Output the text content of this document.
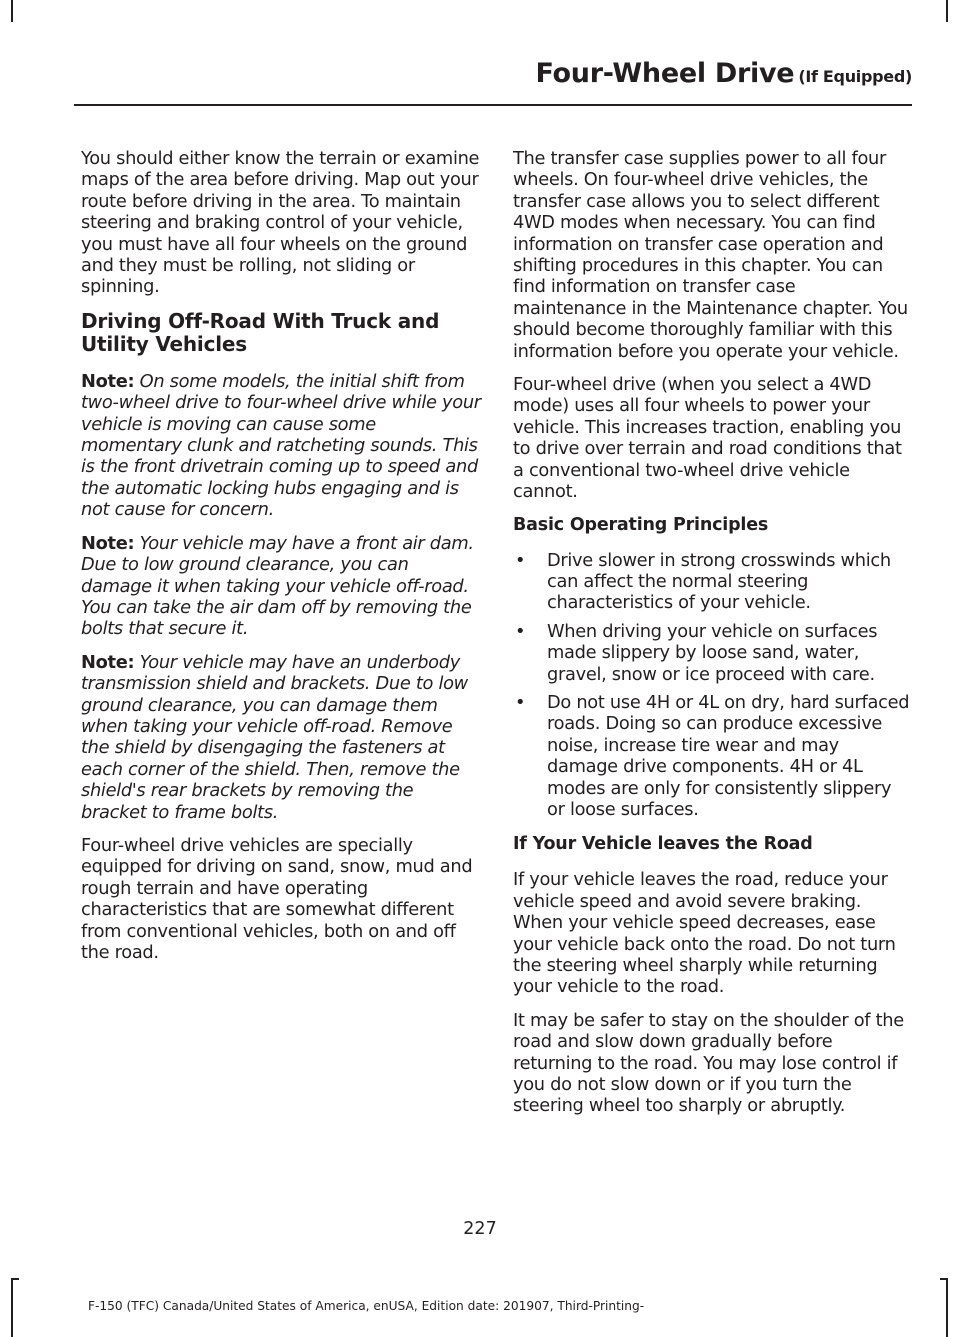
Four-Wheel Drive (If Equipped)

You should either know the terrain or examine maps of the area before driving. Map out your route before driving in the area. To maintain steering and braking control of your vehicle, you must have all four wheels on the ground and they must be rolling, not sliding or spinning.

Driving Off-Road With Truck and Utility Vehicles

Note: On some models, the initial shift from two-wheel drive to four-wheel drive while your vehicle is moving can cause some momentary clunk and ratcheting sounds. This is the front drivetrain coming up to speed and the automatic locking hubs engaging and is not cause for concern.

Note: Your vehicle may have a front air dam. Due to low ground clearance, you can damage it when taking your vehicle off-road. You can take the air dam off by removing the bolts that secure it.

Note: Your vehicle may have an underbody transmission shield and brackets. Due to low ground clearance, you can damage them when taking your vehicle off-road. Remove the shield by disengaging the fasteners at each corner of the shield. Then, remove the shield's rear brackets by removing the bracket to frame bolts.

Four-wheel drive vehicles are specially equipped for driving on sand, snow, mud and rough terrain and have operating characteristics that are somewhat different from conventional vehicles, both on and off the road.

The transfer case supplies power to all four wheels. On four-wheel drive vehicles, the transfer case allows you to select different 4WD modes when necessary. You can find information on transfer case operation and shifting procedures in this chapter. You can find information on transfer case maintenance in the Maintenance chapter. You should become thoroughly familiar with this information before you operate your vehicle.

Four-wheel drive (when you select a 4WD mode) uses all four wheels to power your vehicle. This increases traction, enabling you to drive over terrain and road conditions that a conventional two-wheel drive vehicle cannot.

Basic Operating Principles
• Drive slower in strong crosswinds which can affect the normal steering characteristics of your vehicle.
• When driving your vehicle on surfaces made slippery by loose sand, water, gravel, snow or ice proceed with care.
• Do not use 4H or 4L on dry, hard surfaced roads. Doing so can produce excessive noise, increase tire wear and may damage drive components. 4H or 4L modes are only for consistently slippery or loose surfaces.
If Your Vehicle leaves the Road

If your vehicle leaves the road, reduce your vehicle speed and avoid severe braking. When your vehicle speed decreases, ease your vehicle back onto the road. Do not turn the steering wheel sharply while returning your vehicle to the road.

It may be safer to stay on the shoulder of the road and slow down gradually before returning to the road. You may lose control if you do not slow down or if you turn the steering wheel too sharply or abruptly.

227
F-150 (TFC) Canada/United States of America, enUSA, Edition date: 201907, Third-Printing-
